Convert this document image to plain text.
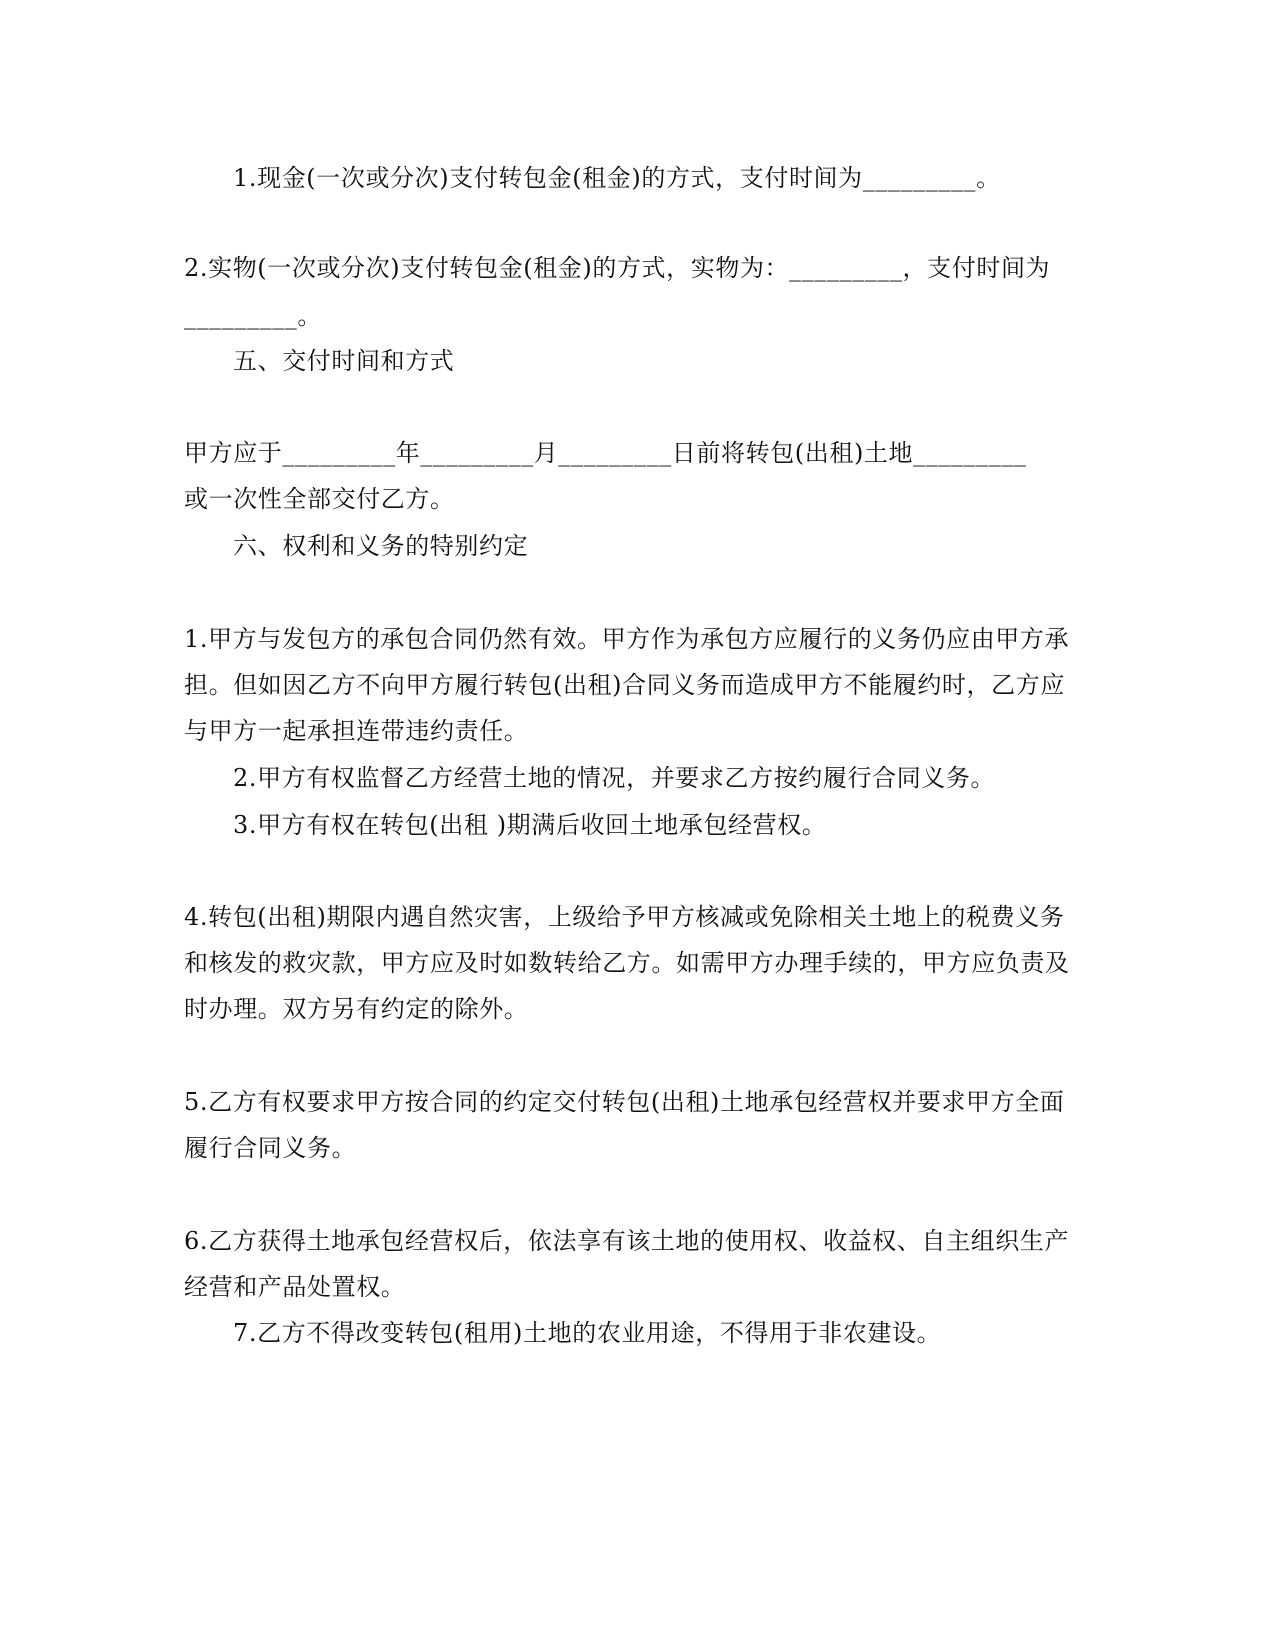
1.现金(一次或分次)支付转包金(租金)的方式，支付时间为_________。
2.实物(一次或分次)支付转包金(租金)的方式，实物为：_________，支付时间为
_________。
五、交付时间和方式
甲方应于_________年_________月_________日前将转包(出租)土地_________
或一次性全部交付乙方。
六、权利和义务的特别约定
1.甲方与发包方的承包合同仍然有效。甲方作为承包方应履行的义务仍应由甲方承
担。但如因乙方不向甲方履行转包(出租)合同义务而造成甲方不能履约时，乙方应
与甲方一起承担连带违约责任。
2.甲方有权监督乙方经营土地的情况，并要求乙方按约履行合同义务。
3.甲方有权在转包(出租 )期满后收回土地承包经营权。
4.转包(出租)期限内遇自然灾害，上级给予甲方核减或免除相关土地上的税费义务
和核发的救灾款，甲方应及时如数转给乙方。如需甲方办理手续的，甲方应负责及
时办理。双方另有约定的除外。
5.乙方有权要求甲方按合同的约定交付转包(出租)土地承包经营权并要求甲方全面
履行合同义务。
6.乙方获得土地承包经营权后，依法享有该土地的使用权、收益权、自主组织生产
经营和产品处置权。
7.乙方不得改变转包(租用)土地的农业用途，不得用于非农建设。
